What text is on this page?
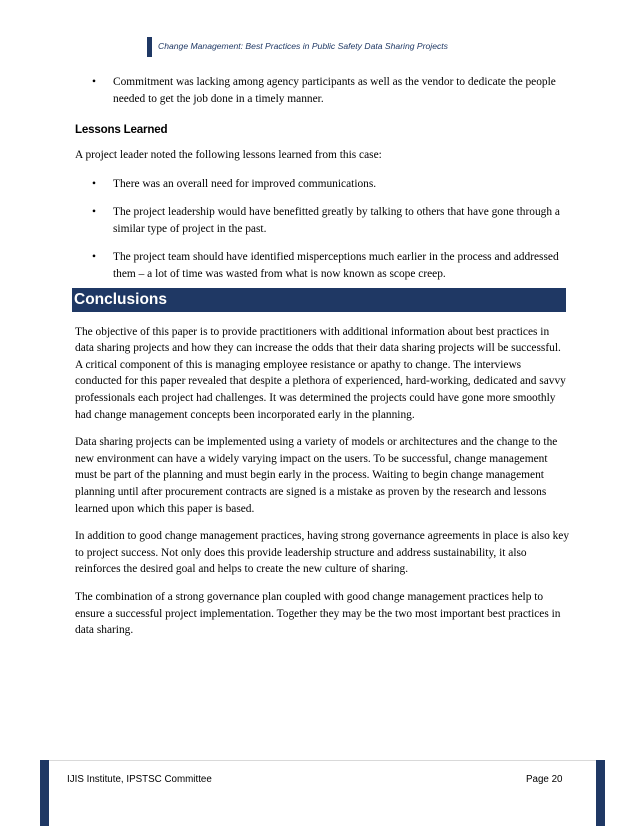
Change Management: Best Practices in Public Safety Data Sharing Projects
• Commitment was lacking among agency participants as well as the vendor to dedicate the people needed to get the job done in a timely manner.
Lessons Learned
A project leader noted the following lessons learned from this case:
• There was an overall need for improved communications.
• The project leadership would have benefitted greatly by talking to others that have gone through a similar type of project in the past.
• The project team should have identified misperceptions much earlier in the process and addressed them – a lot of time was wasted from what is now known as scope creep.
Conclusions
The objective of this paper is to provide practitioners with additional information about best practices in data sharing projects and how they can increase the odds that their data sharing projects will be successful. A critical component of this is managing employee resistance or apathy to change. The interviews conducted for this paper revealed that despite a plethora of experienced, hard-working, dedicated and savvy professionals each project had challenges. It was determined the projects could have gone more smoothly had change management concepts been incorporated early in the planning.
Data sharing projects can be implemented using a variety of models or architectures and the change to the new environment can have a widely varying impact on the users. To be successful, change management must be part of the planning and must begin early in the process. Waiting to begin change management planning until after procurement contracts are signed is a mistake as proven by the research and lessons learned upon which this paper is based.
In addition to good change management practices, having strong governance agreements in place is also key to project success. Not only does this provide leadership structure and address sustainability, it also reinforces the desired goal and helps to create the new culture of sharing.
The combination of a strong governance plan coupled with good change management practices help to ensure a successful project implementation. Together they may be the two most important best practices in data sharing.
IJIS Institute, IPSTSC Committee	Page 20
